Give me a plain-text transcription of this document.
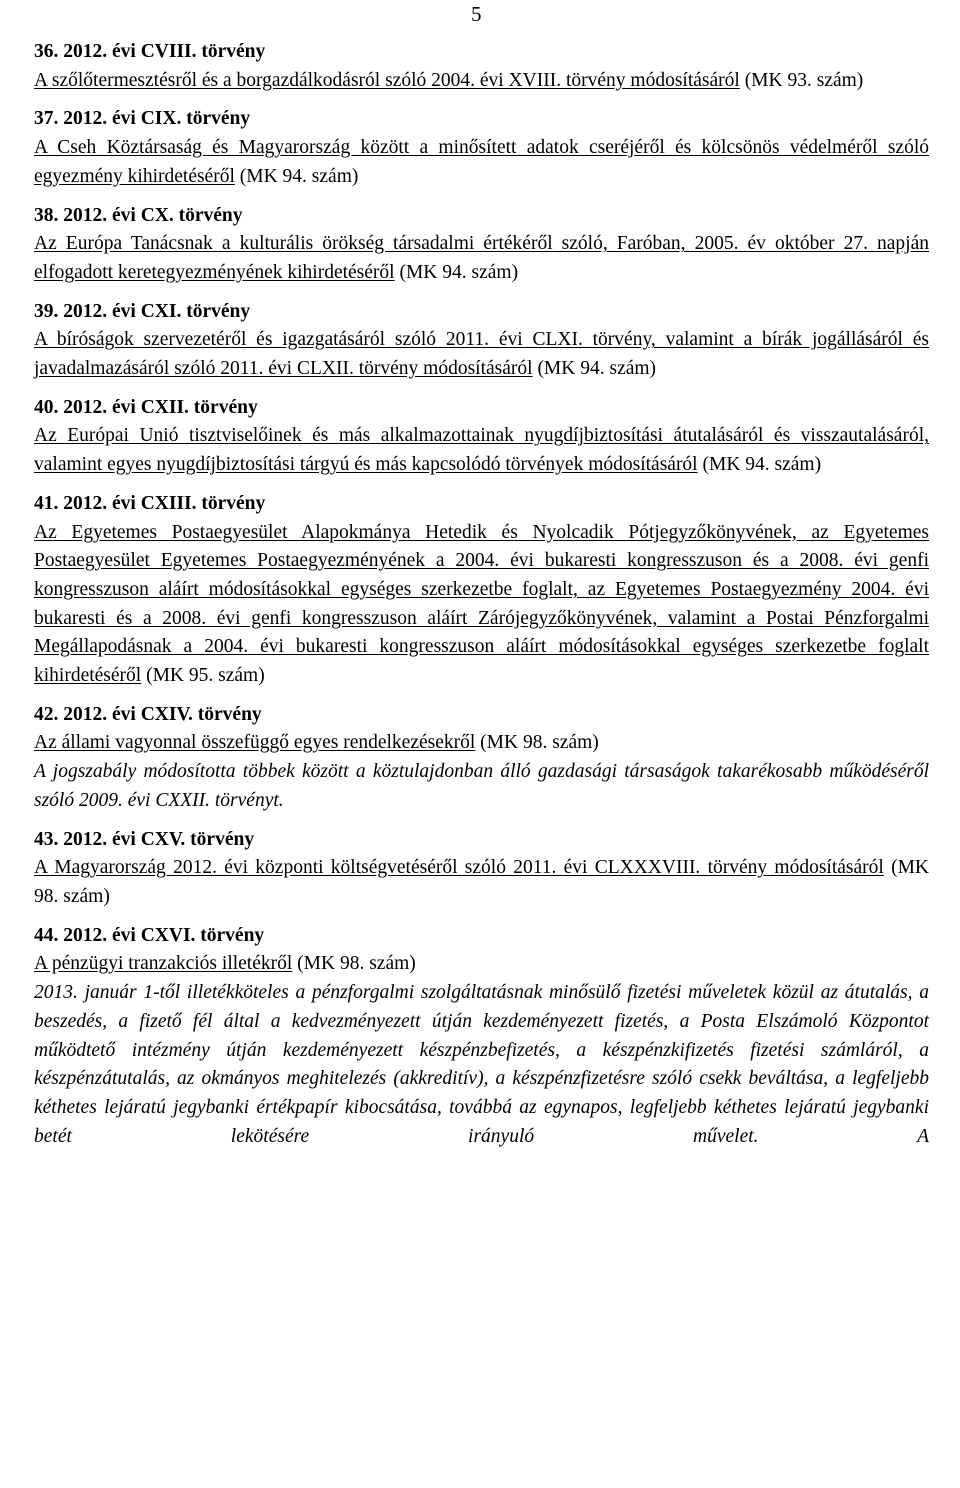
5
36. 2012. évi CVIII. törvény
A szőlőtermesztésről és a borgazdálkodásról szóló 2004. évi XVIII. törvény módosításáról (MK 93. szám)
37. 2012. évi CIX. törvény
A Cseh Köztársaság és Magyarország között a minősített adatok cseréjéről és kölcsönös védelméről szóló egyezmény kihirdetéséről (MK 94. szám)
38. 2012. évi CX. törvény
Az Európa Tanácsnak a kulturális örökség társadalmi értékéről szóló, Faróban, 2005. év október 27. napján elfogadott keretegyezményének kihirdetéséről (MK 94. szám)
39. 2012. évi CXI. törvény
A bíróságok szervezetéről és igazgatásáról szóló 2011. évi CLXI. törvény, valamint a bírák jogállásáról és javadalmazásáról szóló 2011. évi CLXII. törvény módosításáról (MK 94. szám)
40. 2012. évi CXII. törvény
Az Európai Unió tisztviselőinek és más alkalmazottainak nyugdíjbiztosítási átutalásáról és visszautalásáról, valamint egyes nyugdíjbiztosítási tárgyú és más kapcsolódó törvények módosításáról (MK 94. szám)
41. 2012. évi CXIII. törvény
Az Egyetemes Postaegyesület Alapokmánya Hetedik és Nyolcadik Pótjegyzőkönyvének, az Egyetemes Postaegyesület Egyetemes Postaegyezményének a 2004. évi bukaresti kongresszuson és a 2008. évi genfi kongresszuson aláírt módosításokkal egységes szerkezetbe foglalt, az Egyetemes Postaegyezmény 2004. évi bukaresti és a 2008. évi genfi kongresszuson aláírt Zárójegyzőkönyvének, valamint a Postai Pénzforgalmi Megállapodásnak a 2004. évi bukaresti kongresszuson aláírt módosításokkal egységes szerkezetbe foglalt kihirdetéséről (MK 95. szám)
42. 2012. évi CXIV. törvény
Az állami vagyonnal összefüggő egyes rendelkezésekről (MK 98. szám)
A jogszabály módosította többek között a köztulajdonban álló gazdasági társaságok takarékosabb működéséről szóló 2009. évi CXXII. törvényt.
43. 2012. évi CXV. törvény
A Magyarország 2012. évi központi költségvetéséről szóló 2011. évi CLXXXVIII. törvény módosításáról (MK 98. szám)
44. 2012. évi CXVI. törvény
A pénzügyi tranzakciós illetékről (MK 98. szám)
2013. január 1-től illetékköteles a pénzforgalmi szolgáltatásnak minősülő fizetési műveletek közül az átutalás, a beszedés, a fizető fél által a kedvezményezett útján kezdeményezett fizetés, a Posta Elszámoló Központot működtető intézmény útján kezdeményezett készpénzbefizetés, a készpénzkifizetés fizetési számláról, a készpénzátutalás, az okmányos meghitelezés (akkreditív), a készpénzfizetésre szóló csekk beváltása, a legfeljebb kéthetes lejáratú jegybanki értékpapír kibocsátása, továbbá az egynapos, legfeljebb kéthetes lejáratú jegybanki betét lekötésére irányuló művelet. A
